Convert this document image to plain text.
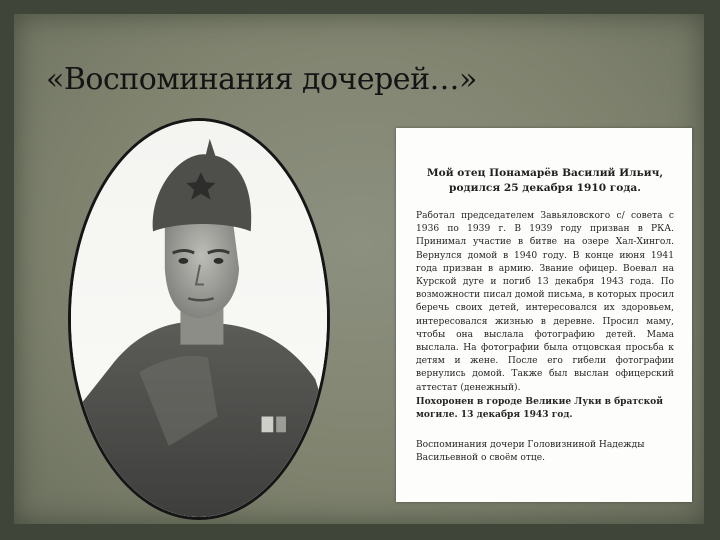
«Воспоминания дочерей…»

Мой отец Понамарёв Василий Ильич, родился 25 декабря 1910 года.

Работал председателем Завьяловского с/ совета с 1936 по 1939 г. В 1939 году призван в РКА. Принимал участие в битве на озере Хал-Хингол. Вернулся домой в 1940 году. В конце июня 1941 года призван в армию. Звание офицер. Воевал на Курской дуге и погиб 13 декабря 1943 года. По возможности писал домой письма, в которых просил беречь своих детей, интересовался их здоровьем, интересовался жизнью в деревне. Просил маму, чтобы она выслала фотографию детей. Мама выслала. На фотографии была отцовская просьба к детям и жене. После его гибели фотографии вернулись домой. Также был выслан офицерский аттестат (денежный).

Похоронен в городе Великие Луки в братской могиле. 13 декабря 1943 год.

Воспоминания дочери Головизниной Надежды Васильевной о своём отце.
